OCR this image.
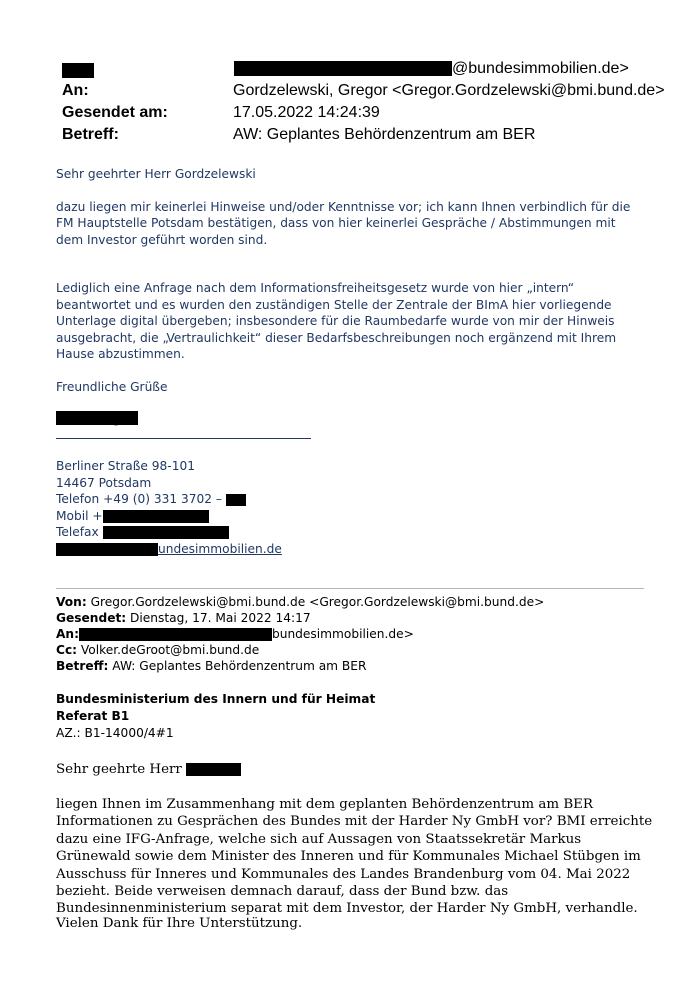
@bundesimmobilien.de>
An:	Gordzelewski, Gregor <Gregor.Gordzelewski@bmi.bund.de>
Gesendet am:	17.05.2022 14:24:39
Betreff:	AW: Geplantes Behördenzentrum am BER

Sehr geehrter Herr Gordzelewski

dazu liegen mir keinerlei Hinweise und/oder Kenntnisse vor; ich kann Ihnen verbindlich für die FM Hauptstelle Potsdam bestätigen, dass von hier keinerlei Gespräche / Abstimmungen mit dem Investor geführt worden sind.

Lediglich eine Anfrage nach dem Informationsfreiheitsgesetz wurde von hier „intern“ beantwortet und es wurden den zuständigen Stelle der Zentrale der BImA hier vorliegende Unterlage digital übergeben; insbesondere für die Raumbedarfe wurde von mir der Hinweis ausgebracht, die „Vertraulichkeit“ dieser Bedarfsbeschreibungen noch ergänzend mit Ihrem Hause abzustimmen.

Freundliche Grüße

Berliner Straße 98-101

14467 Potsdam

Telefon +49 (0) 331 3702 –

Mobil +

Telefax

undesimmobilien.de

Von: Gregor.Gordzelewski@bmi.bund.de <Gregor.Gordzelewski@bmi.bund.de>
Gesendet: Dienstag, 17. Mai 2022 14:17
An:	bundesimmobilien.de>
Cc: Volker.deGroot@bmi.bund.de
Betreff: AW: Geplantes Behördenzentrum am BER
Bundesministerium des Innern und für Heimat
Referat B1
AZ.: B1-14000/4#1
Sehr geehrte Herr

liegen Ihnen im Zusammenhang mit dem geplanten Behördenzentrum am BER Informationen zu Gesprächen des Bundes mit der Harder Ny GmbH vor? BMI erreichte dazu eine IFG-Anfrage, welche sich auf Aussagen von Staatssekretär Markus Grünewald sowie dem Minister des Inneren und für Kommunales Michael Stübgen im Ausschuss für Inneres und Kommunales des Landes Brandenburg vom 04. Mai 2022 bezieht. Beide verweisen demnach darauf, dass der Bund bzw. das Bundesinnenministerium separat mit dem Investor, der Harder Ny GmbH, verhandle.

Vielen Dank für Ihre Unterstützung.
